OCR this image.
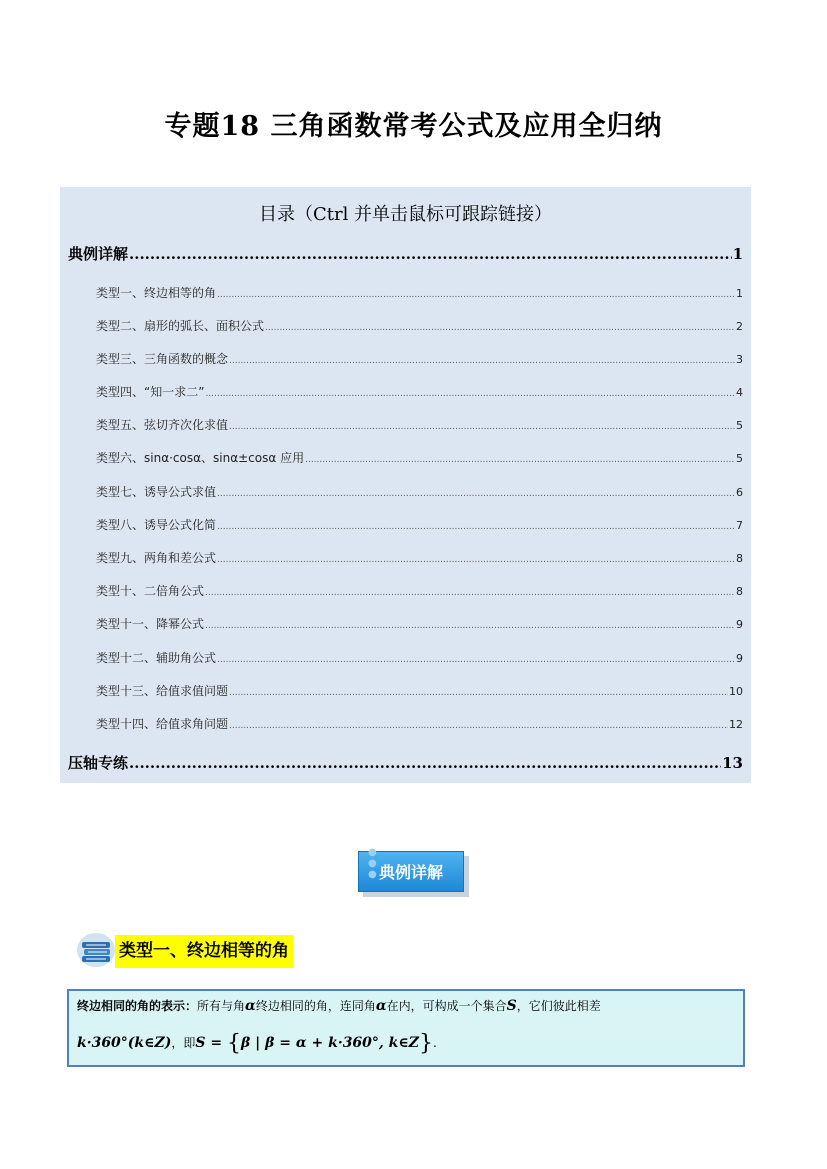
专题18 三角函数常考公式及应用全归纳
目录（Ctrl 并单击鼠标可跟踪链接）
典例详解 .....	1
类型一、终边相等的角 .....	1
类型二、扇形的弧长、面积公式 .....	2
类型三、三角函数的概念 .....	3
类型四、“知一求二” .....	4
类型五、弦切齐次化求值 .....	5
类型六、sinα·cosα、sinα±cosα 应用 .....	5
类型七、诱导公式求值 .....	6
类型八、诱导公式化简 .....	7
类型九、两角和差公式 .....	8
类型十、二倍角公式 .....	8
类型十一、降幂公式 .....	9
类型十二、辅助角公式 .....	9
类型十三、给值求值问题 .....	10
类型十四、给值求角问题 .....	12
压轴专练 .....	13
典例详解
● ● ●
类型一、终边相等的角
终边相同的角的表示：所有与角α终边相同的角，连同角α在内，可构成一个集合S，它们彼此相差
k·360°(k∈Z)，即S = {β | β = α + k·360°, k∈Z}.
